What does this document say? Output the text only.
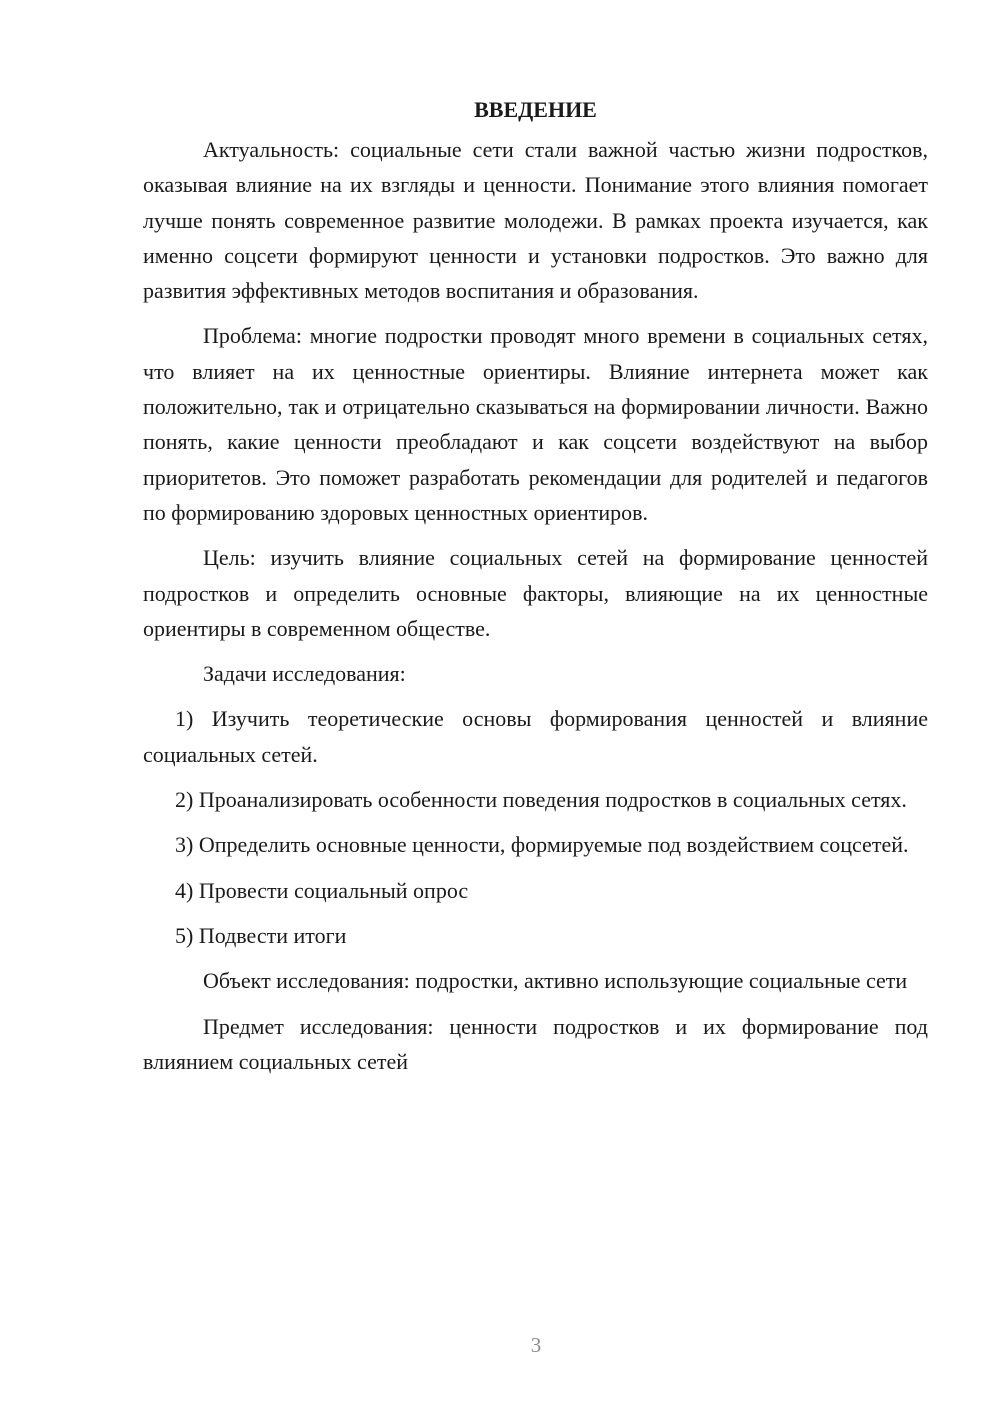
ВВЕДЕНИЕ

Актуальность: социальные сети стали важной частью жизни подростков, оказывая влияние на их взгляды и ценности. Понимание этого влияния помогает лучше понять современное развитие молодежи. В рамках проекта изучается, как именно соцсети формируют ценности и установки подростков. Это важно для развития эффективных методов воспитания и образования.

Проблема: многие подростки проводят много времени в социальных сетях, что влияет на их ценностные ориентиры. Влияние интернета может как положительно, так и отрицательно сказываться на формировании личности. Важно понять, какие ценности преобладают и как соцсети воздействуют на выбор приоритетов. Это поможет разработать рекомендации для родителей и педагогов по формированию здоровых ценностных ориентиров.

Цель: изучить влияние социальных сетей на формирование ценностей подростков и определить основные факторы, влияющие на их ценностные ориентиры в современном обществе.

Задачи исследования:

1) Изучить теоретические основы формирования ценностей и влияние социальных сетей.

2) Проанализировать особенности поведения подростков в социальных сетях.

3) Определить основные ценности, формируемые под воздействием соцсетей.

4) Провести социальный опрос

5) Подвести итоги

Объект исследования: подростки, активно использующие социальные сети

Предмет исследования: ценности подростков и их формирование под влиянием социальных сетей

3
